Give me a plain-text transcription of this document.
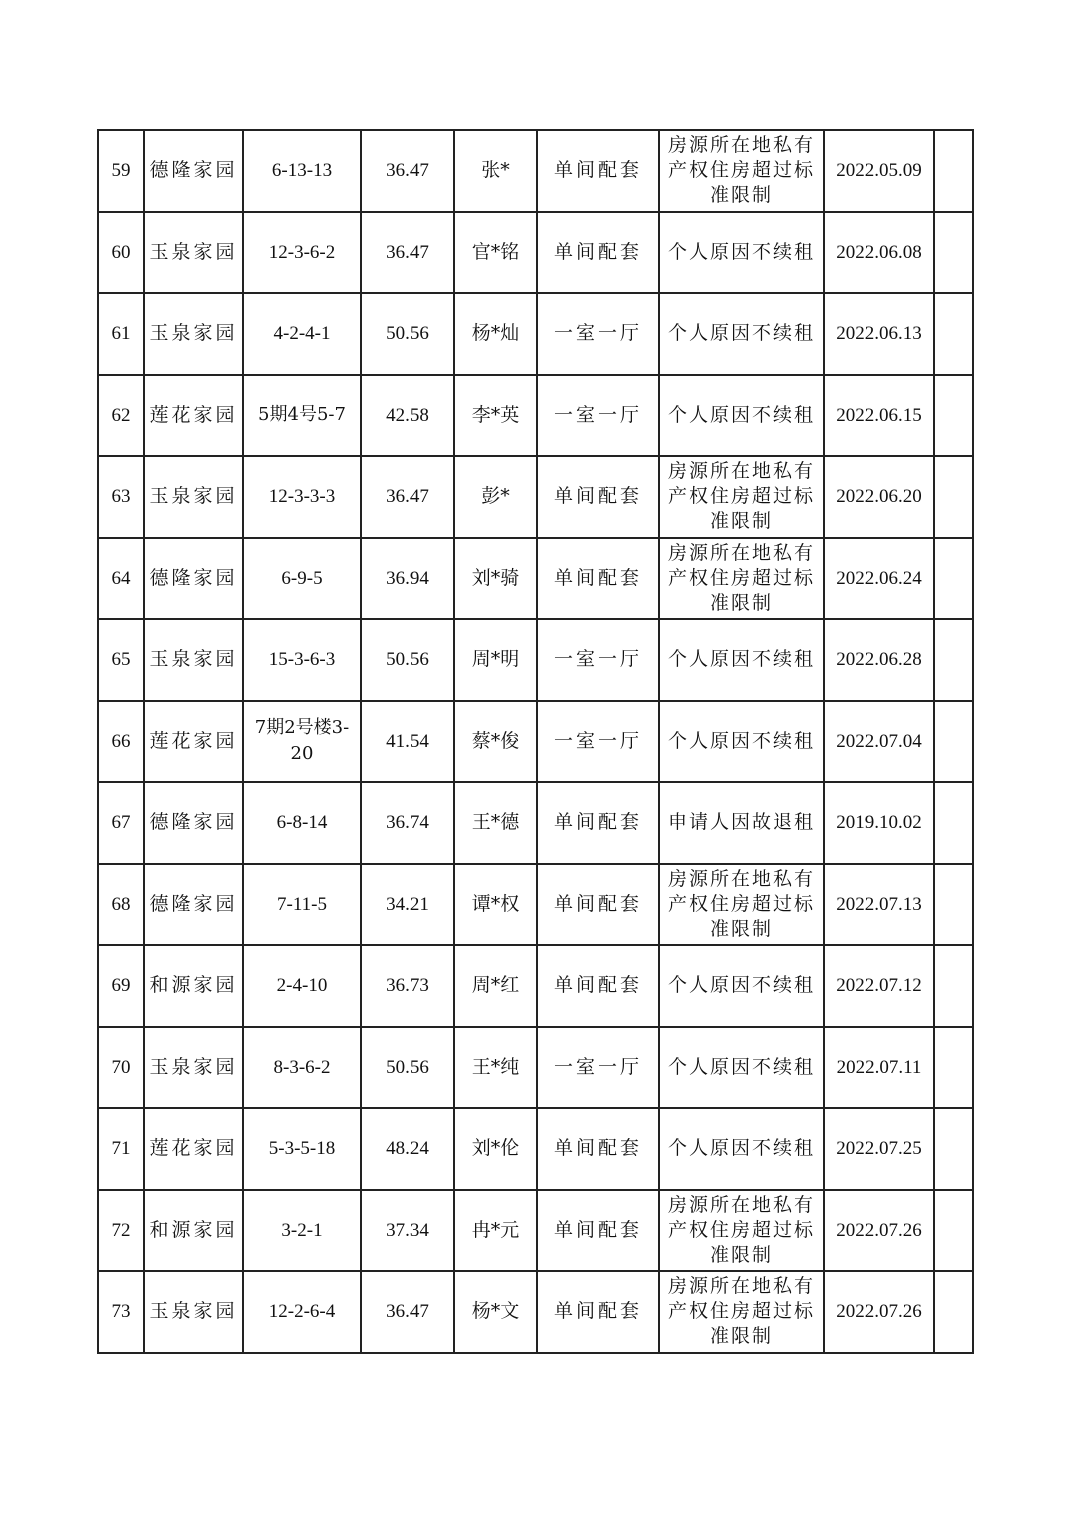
59	德隆家园	6-13-13	36.47	张*	单间配套	房源所在地私有产权住房超过标准限制	2022.05.09	
60	玉泉家园	12-3-6-2	36.47	官*铭	单间配套	个人原因不续租	2022.06.08	
61	玉泉家园	4-2-4-1	50.56	杨*灿	一室一厅	个人原因不续租	2022.06.13	
62	莲花家园	5期4号5-7	42.58	李*英	一室一厅	个人原因不续租	2022.06.15	
63	玉泉家园	12-3-3-3	36.47	彭*	单间配套	房源所在地私有产权住房超过标准限制	2022.06.20	
64	德隆家园	6-9-5	36.94	刘*骑	单间配套	房源所在地私有产权住房超过标准限制	2022.06.24	
65	玉泉家园	15-3-6-3	50.56	周*明	一室一厅	个人原因不续租	2022.06.28	
66	莲花家园	7期2号楼3-20	41.54	蔡*俊	一室一厅	个人原因不续租	2022.07.04	
67	德隆家园	6-8-14	36.74	王*德	单间配套	申请人因故退租	2019.10.02	
68	德隆家园	7-11-5	34.21	谭*权	单间配套	房源所在地私有产权住房超过标准限制	2022.07.13	
69	和源家园	2-4-10	36.73	周*红	单间配套	个人原因不续租	2022.07.12	
70	玉泉家园	8-3-6-2	50.56	王*纯	一室一厅	个人原因不续租	2022.07.11	
71	莲花家园	5-3-5-18	48.24	刘*伦	单间配套	个人原因不续租	2022.07.25	
72	和源家园	3-2-1	37.34	冉*元	单间配套	房源所在地私有产权住房超过标准限制	2022.07.26	
73	玉泉家园	12-2-6-4	36.47	杨*文	单间配套	房源所在地私有产权住房超过标准限制	2022.07.26	
